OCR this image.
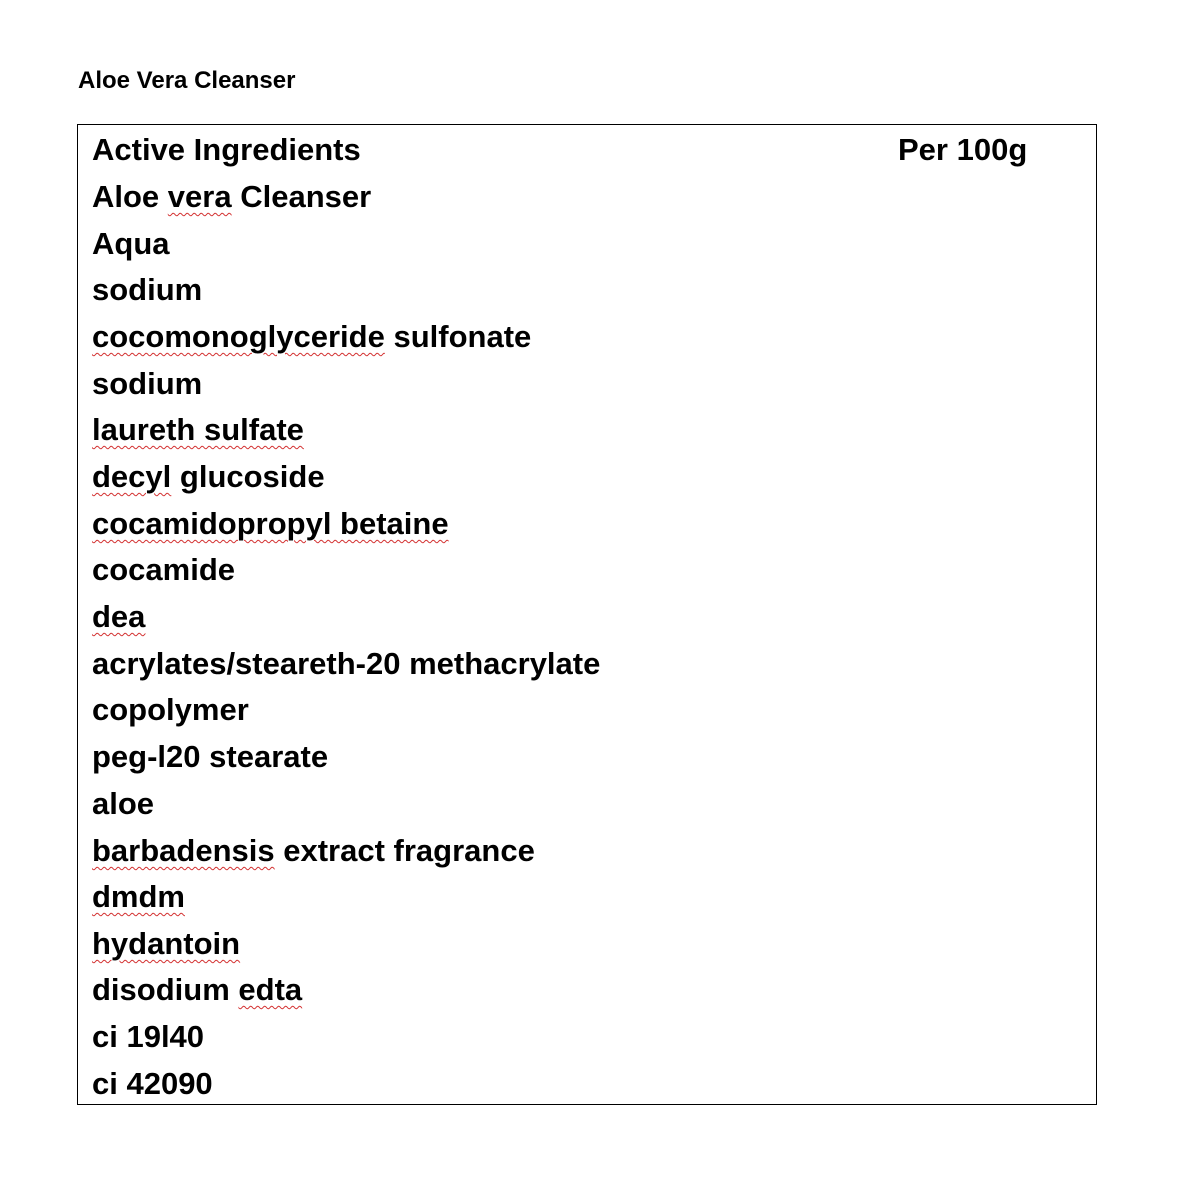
Aloe Vera Cleanser
Active Ingredients	Per 100g
Aloe vera Cleanser
Aqua
sodium
cocomonoglyceride sulfonate
sodium
laureth sulfate
decyl glucoside
cocamidopropyl betaine
cocamide
dea
acrylates/steareth-20 methacrylate
copolymer
peg-l20 stearate
aloe
barbadensis extract fragrance
dmdm
hydantoin
disodium edta
ci 19l40
ci 42090
